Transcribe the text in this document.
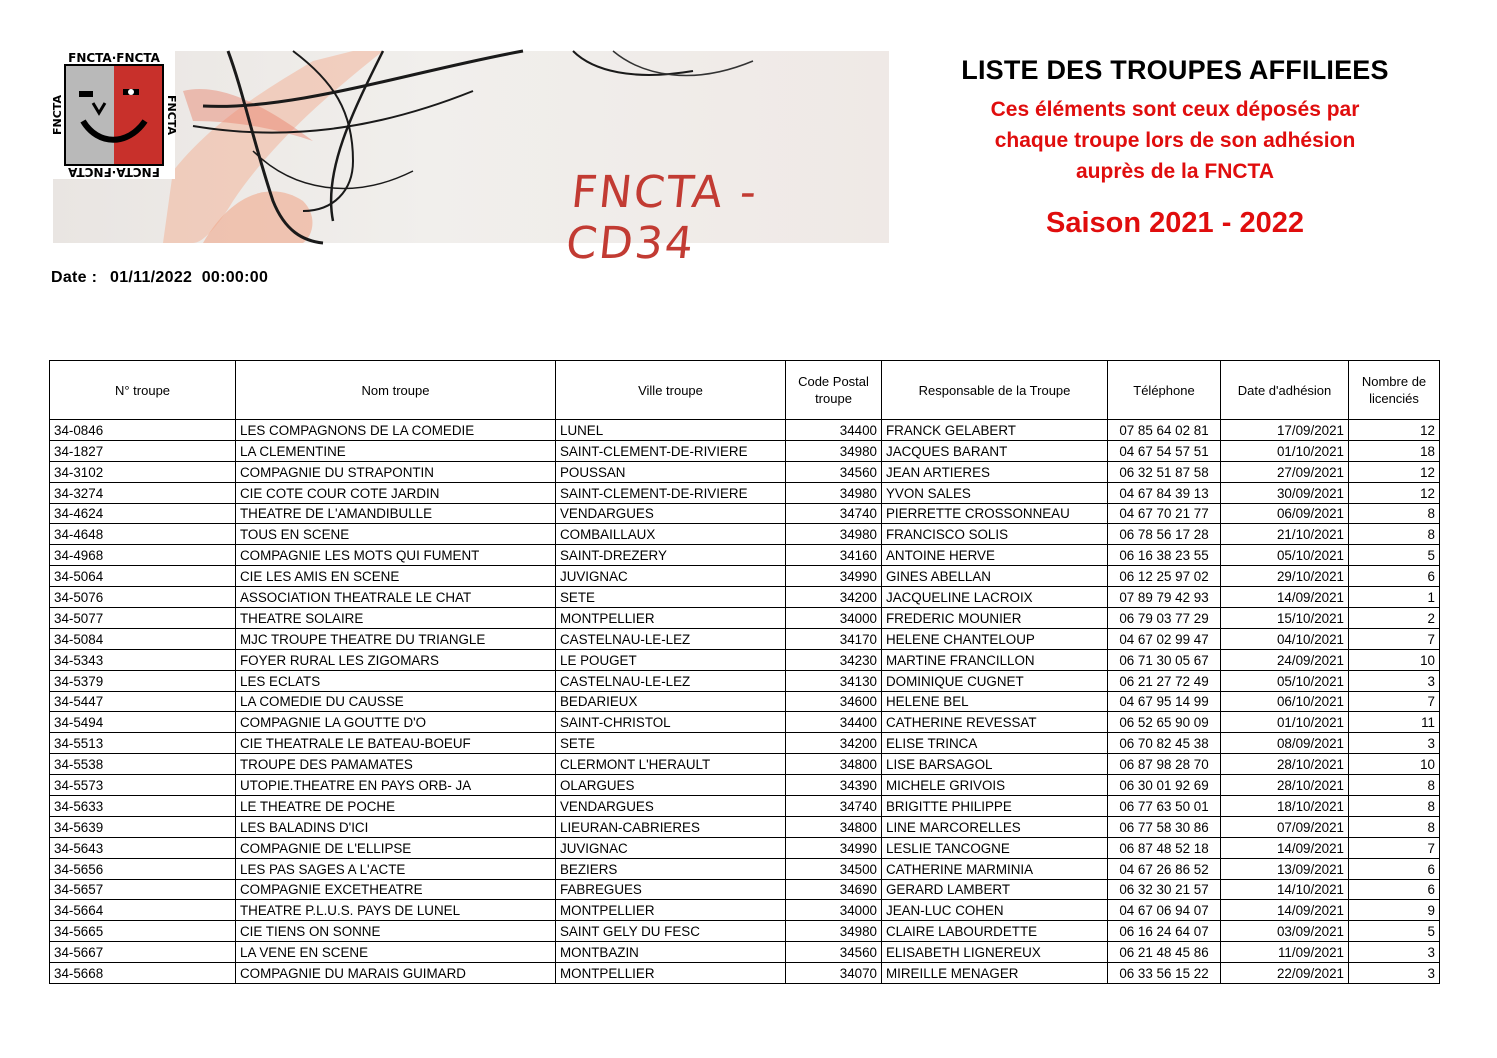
FNCTA·FNCTA
FNCTA·FNCTA
FNCTA	FNCTA
FNCTA - CD34
LISTE DES TROUPES AFFILIEES

Ces éléments sont ceux déposés par
chaque troupe lors de son adhésion
auprès de la FNCTA

Saison 2021 - 2022

Date : 01/11/2022  00:00:00
N° troupe	Nom troupe	Ville troupe	Code Postal troupe	Responsable de la Troupe	Téléphone	Date d'adhésion	Nombre de licenciés
34-0846	LES COMPAGNONS DE LA COMEDIE	LUNEL	34400	FRANCK GELABERT	07 85 64 02 81	17/09/2021	12
34-1827	LA CLEMENTINE	SAINT-CLEMENT-DE-RIVIERE	34980	JACQUES BARANT	04 67 54 57 51	01/10/2021	18
34-3102	COMPAGNIE DU STRAPONTIN	POUSSAN	34560	JEAN ARTIERES	06 32 51 87 58	27/09/2021	12
34-3274	CIE COTE COUR COTE JARDIN	SAINT-CLEMENT-DE-RIVIERE	34980	YVON SALES	04 67 84 39 13	30/09/2021	12
34-4624	THEATRE DE L'AMANDIBULLE	VENDARGUES	34740	PIERRETTE CROSSONNEAU	04 67 70 21 77	06/09/2021	8
34-4648	TOUS EN SCENE	COMBAILLAUX	34980	FRANCISCO SOLIS	06 78 56 17 28	21/10/2021	8
34-4968	COMPAGNIE LES MOTS QUI FUMENT	SAINT-DREZERY	34160	ANTOINE HERVE	06 16 38 23 55	05/10/2021	5
34-5064	CIE LES AMIS EN SCENE	JUVIGNAC	34990	GINES ABELLAN	06 12 25 97 02	29/10/2021	6
34-5076	ASSOCIATION THEATRALE LE CHAT	SETE	34200	JACQUELINE LACROIX	07 89 79 42 93	14/09/2021	1
34-5077	THEATRE SOLAIRE	MONTPELLIER	34000	FREDERIC MOUNIER	06 79 03 77 29	15/10/2021	2
34-5084	MJC TROUPE THEATRE DU TRIANGLE	CASTELNAU-LE-LEZ	34170	HELENE CHANTELOUP	04 67 02 99 47	04/10/2021	7
34-5343	FOYER RURAL LES ZIGOMARS	LE POUGET	34230	MARTINE FRANCILLON	06 71 30 05 67	24/09/2021	10
34-5379	LES ECLATS	CASTELNAU-LE-LEZ	34130	DOMINIQUE CUGNET	06 21 27 72 49	05/10/2021	3
34-5447	LA COMEDIE DU CAUSSE	BEDARIEUX	34600	HELENE BEL	04 67 95 14 99	06/10/2021	7
34-5494	COMPAGNIE LA GOUTTE D'O	SAINT-CHRISTOL	34400	CATHERINE REVESSAT	06 52 65 90 09	01/10/2021	11
34-5513	CIE THEATRALE LE BATEAU-BOEUF	SETE	34200	ELISE TRINCA	06 70 82 45 38	08/09/2021	3
34-5538	TROUPE DES PAMAMATES	CLERMONT L'HERAULT	34800	LISE BARSAGOL	06 87 98 28 70	28/10/2021	10
34-5573	UTOPIE.THEATRE EN PAYS ORB- JA	OLARGUES	34390	MICHELE GRIVOIS	06 30 01 92 69	28/10/2021	8
34-5633	LE THEATRE DE POCHE	VENDARGUES	34740	BRIGITTE PHILIPPE	06 77 63 50 01	18/10/2021	8
34-5639	LES BALADINS D'ICI	LIEURAN-CABRIERES	34800	LINE MARCORELLES	06 77 58 30 86	07/09/2021	8
34-5643	COMPAGNIE DE L'ELLIPSE	JUVIGNAC	34990	LESLIE TANCOGNE	06 87 48 52 18	14/09/2021	7
34-5656	LES PAS SAGES A L'ACTE	BEZIERS	34500	CATHERINE MARMINIA	04 67 26 86 52	13/09/2021	6
34-5657	COMPAGNIE EXCETHEATRE	FABREGUES	34690	GERARD LAMBERT	06 32 30 21 57	14/10/2021	6
34-5664	THEATRE P.L.U.S. PAYS DE LUNEL	MONTPELLIER	34000	JEAN-LUC COHEN	04 67 06 94 07	14/09/2021	9
34-5665	CIE TIENS ON SONNE	SAINT GELY DU FESC	34980	CLAIRE LABOURDETTE	06 16 24 64 07	03/09/2021	5
34-5667	LA VENE EN SCENE	MONTBAZIN	34560	ELISABETH LIGNEREUX	06 21 48 45 86	11/09/2021	3
34-5668	COMPAGNIE DU MARAIS GUIMARD	MONTPELLIER	34070	MIREILLE MENAGER	06 33 56 15 22	22/09/2021	3
